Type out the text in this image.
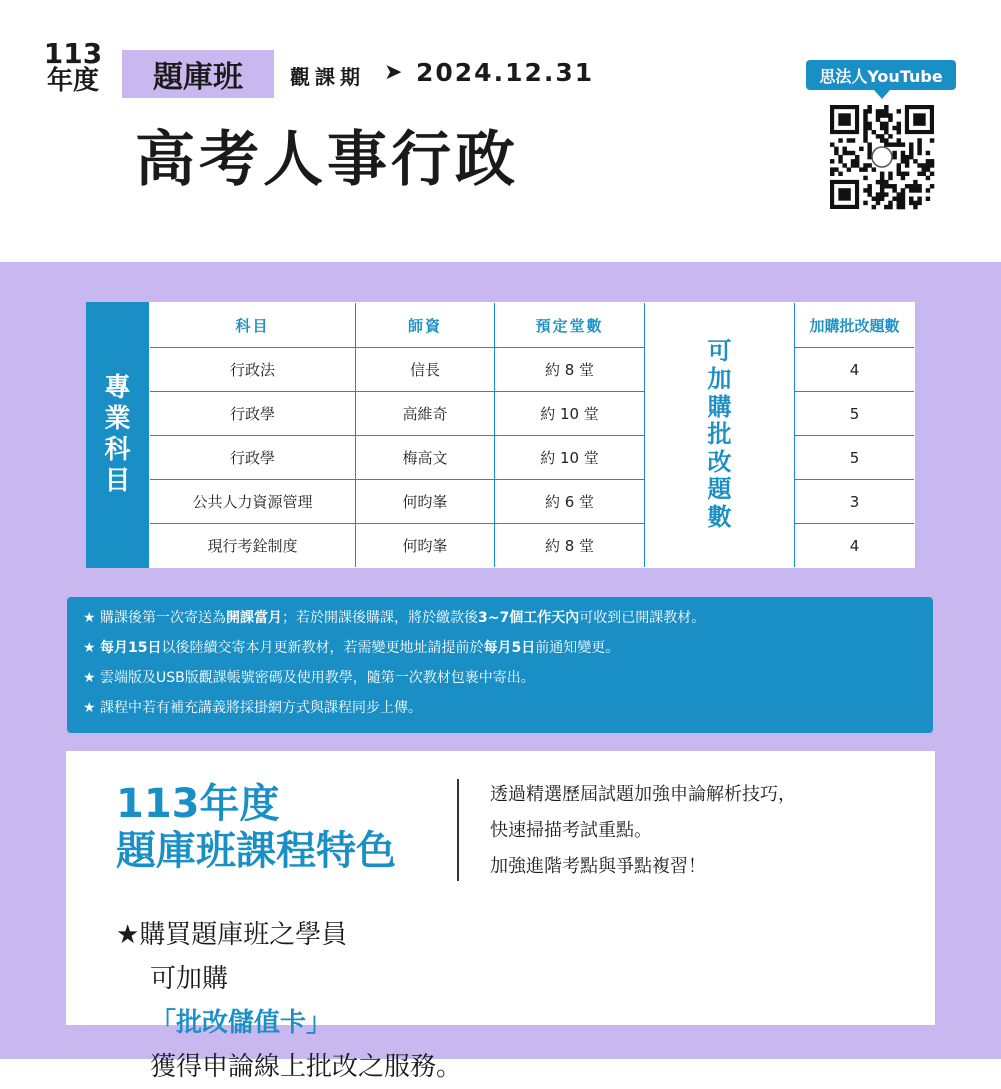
113
年度	題庫班	觀課期 ➤ 2024.12.31
高考人事行政
思法人YouTube
專
業
科
目
科目	師資	預定堂數	加購批改題數
可
加
購
批
改
題
數
行政法	信長	約 8 堂	4
行政學	高維奇	約 10 堂	5
行政學	梅高文	約 10 堂	5
公共人力資源管理	何昀峯	約 6 堂	3
現行考銓制度	何昀峯	約 8 堂	4
★ 購課後第一次寄送為開課當月；若於開課後購課，將於繳款後3~7個工作天內可收到已開課教材。
★ 每月15日以後陸續交寄本月更新教材，若需變更地址請提前於每月5日前通知變更。
★ 雲端版及USB版觀課帳號密碼及使用教學，隨第一次教材包裹中寄出。
★ 課程中若有補充講義將採掛網方式與課程同步上傳。
113年度
題庫班課程特色
透過精選歷屆試題加強申論解析技巧，
快速掃描考試重點。
加強進階考點與爭點複習！
★購買題庫班之學員
可加購
「批改儲值卡」
獲得申論線上批改之服務。
